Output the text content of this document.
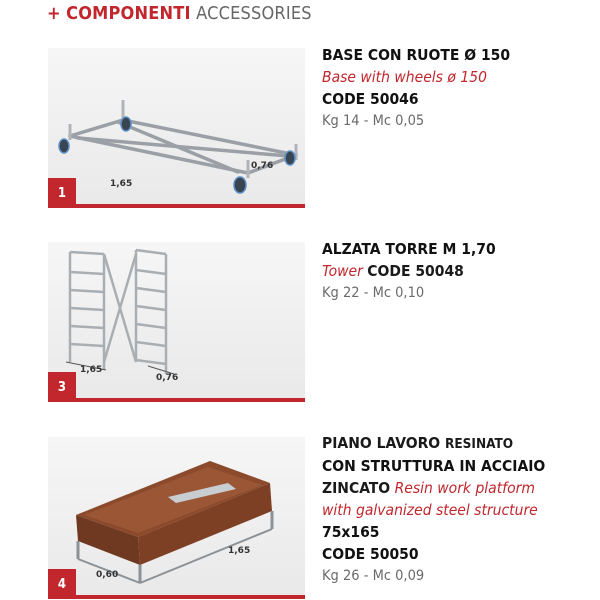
+ COMPONENTI ACCESSORIES
1,65
0,76
1
BASE CON RUOTE Ø 150
Base with wheels ø 150
CODE 50046
Kg 14 - Mc 0,05
1,65
0,76
3
ALZATA TORRE M 1,70
Tower CODE 50048
Kg 22 - Mc 0,10
1,65
0,60
4
PIANO LAVORO RESINATO
CON STRUTTURA IN ACCIAIO
ZINCATO Resin work platform
with galvanized steel structure
75x165
CODE 50050
Kg 26 - Mc 0,09
